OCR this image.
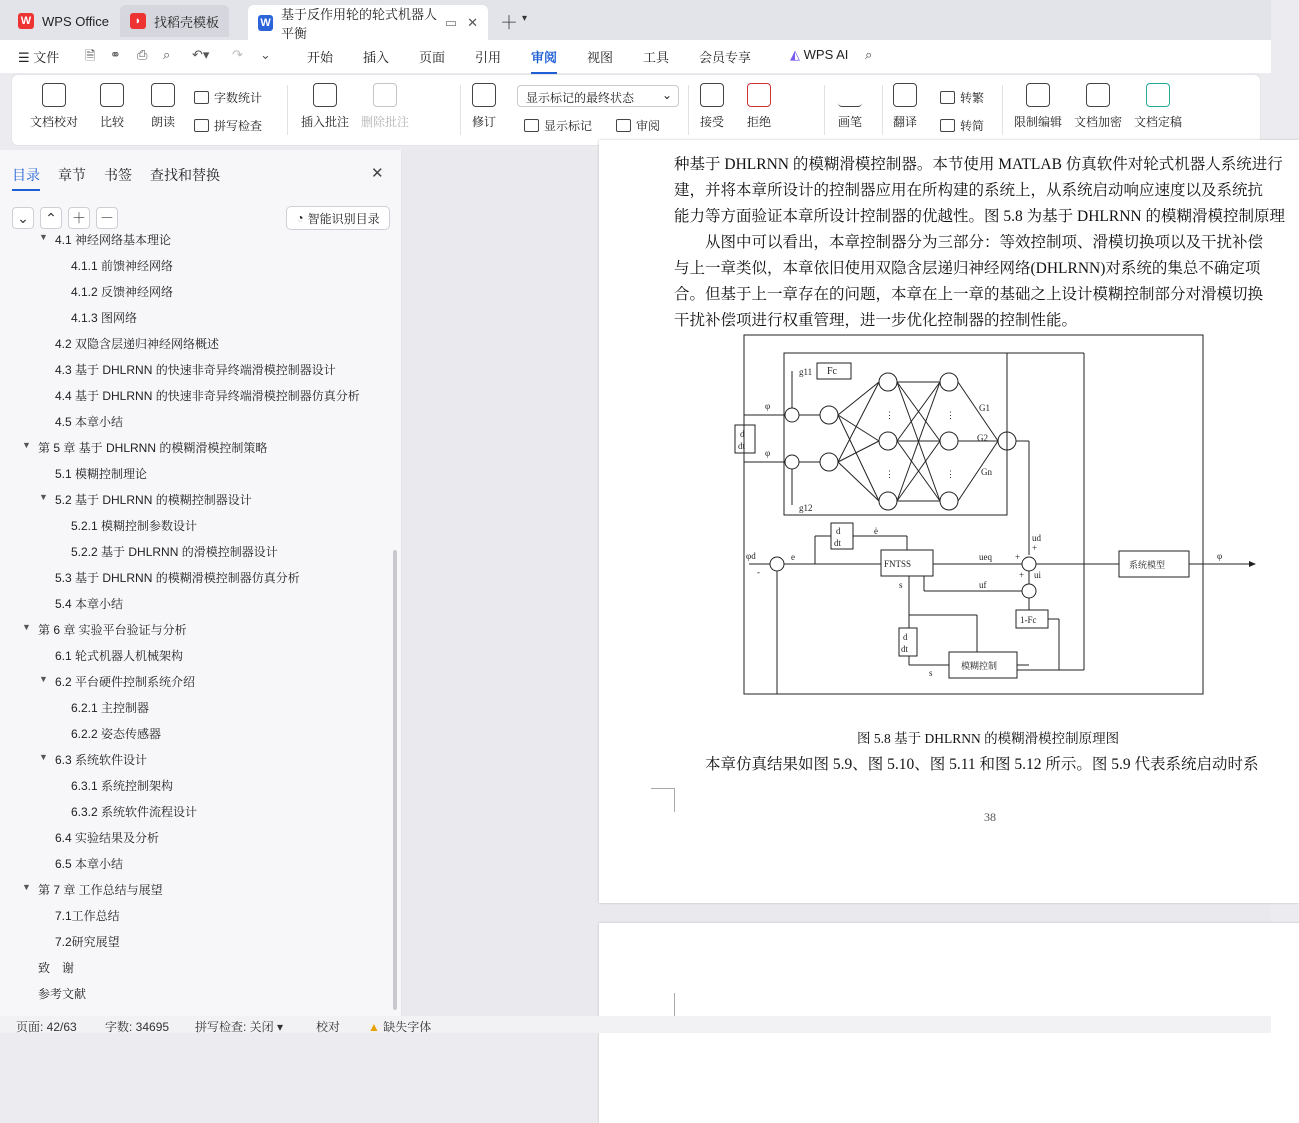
W WPS Office	◗ 找稻壳模板	W
基于反作用轮的轮式机器人平衡
▭ ✕ ＋ ▾
☰ 文件 🗎 ⚭ ⎙ ⌕ ↶▾ ↷ ⌄	开始 插入 页面 引用 审阅 视图 工具 会员专享	◭ WPS AI ⌕
文档校对 比较 朗读
字数统计
拼写检查	插入批注 删除批注	修订
显示标记的最终状态 ⌄
显示标记	审阅	接受 拒绝	画笔	翻译
转繁
转简 限制编辑 文档加密 文档定稿
目录 章节 书签 查找和替换	✕
⌄	⌃	＋ －	◔ 智能识别目录
▼ 4.1 神经网络基本理论
4.1.1 前馈神经网络
4.1.2 反馈神经网络
4.1.3 图网络
4.2 双隐含层递归神经网络概述
4.3 基于 DHLRNN 的快速非奇异终端滑模控制器设计
4.4 基于 DHLRNN 的快速非奇异终端滑模控制器仿真分析
4.5 本章小结
▼ 第 5 章 基于 DHLRNN 的模糊滑模控制策略
5.1 模糊控制理论
▼ 5.2 基于 DHLRNN 的模糊控制器设计
5.2.1 模糊控制参数设计
5.2.2 基于 DHLRNN 的滑模控制器设计
5.3 基于 DHLRNN 的模糊滑模控制器仿真分析
5.4 本章小结
▼ 第 6 章 实验平台验证与分析
6.1 轮式机器人机械架构
▼ 6.2 平台硬件控制系统介绍
6.2.1 主控制器
6.2.2 姿态传感器
▼ 6.3 系统软件设计
6.3.1 系统控制架构
6.3.2 系统软件流程设计
6.4 实验结果及分析
6.5 本章小结
▼ 第 7 章 工作总结与展望
7.1工作总结
7.2研究展望
致　谢
参考文献
种基于 DHLRNN 的模糊滑模控制器。本节使用 MATLAB 仿真软件对轮式机器人系统进行
建，并将本章所设计的控制器应用在所构建的系统上，从系统启动响应速度以及系统抗
能力等方面验证本章所设计控制器的优越性。图 5.8 为基于 DHLRNN 的模糊滑模控制原理
　　从图中可以看出，本章控制器分为三部分：等效控制项、滑模切换项以及干扰补偿
与上一章类似，本章依旧使用双隐含层递归神经网络(DHLRNN)对系统的集总不确定项
合。但基于上一章存在的问题，本章在上一章的基础之上设计模糊控制部分对滑模切换
干扰补偿项进行权重管理，进一步优化控制器的控制性能。
Fc
g11
g12
φ
φ
d
dt
G1
G2
Gn
⋮
⋮
⋮
⋮
d
dt
FNTSS	系统模型
1-Fc
模糊控制
d
dt
φd
-
e
ė
s
s
ueq
uf
ud
ui
+
+
+
φ
图 5.8 基于 DHLRNN 的模糊滑模控制原理图
　　本章仿真结果如图 5.9、图 5.10、图 5.11 和图 5.12 所示。图 5.9 代表系统启动时系
38
页面: 42/63 字数: 34695 拼写检查: 关闭 ▾	校对 ▲ 缺失字体
